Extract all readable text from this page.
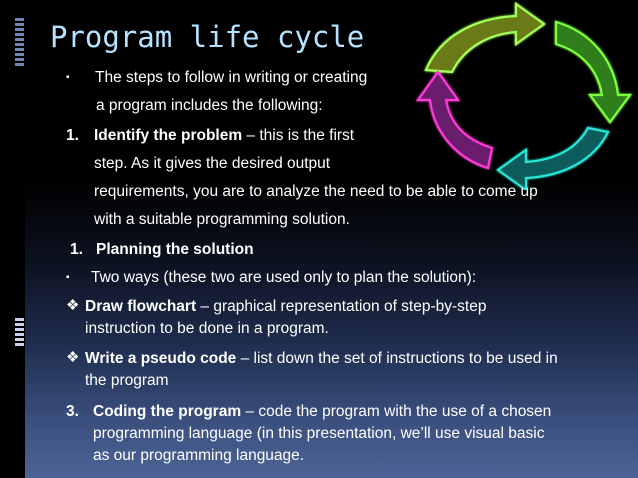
Program life cycle
▪ The steps to follow in writing or creating
a program includes the following:
1. Identify the problem – this is the first
step. As it gives the desired output
requirements, you are to analyze the need to be able to come up
with a suitable programming solution.
1. Planning the solution
▪ Two ways (these two are used only to plan the solution):
❖ Draw flowchart – graphical representation of step-by-step
instruction to be done in a program.
❖ Write a pseudo code – list down the set of instructions to be used in
the program
3. Coding the program – code the program with the use of a chosen
programming language (in this presentation, we’ll use visual basic
as our programming language.
